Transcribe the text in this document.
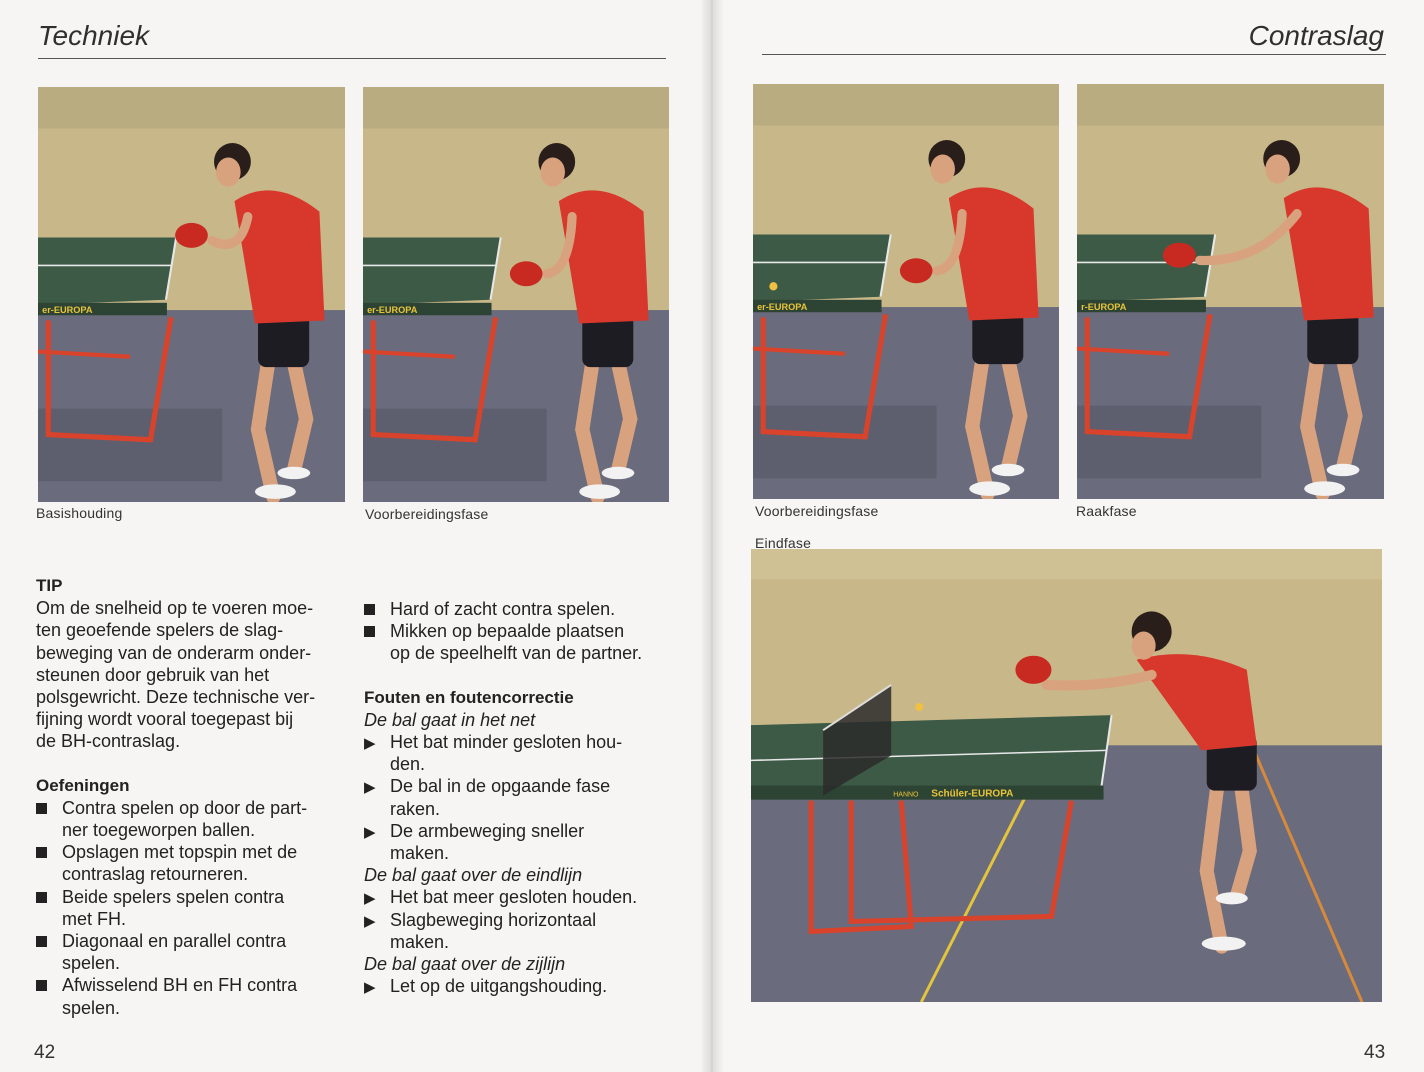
Techniek	Contraslag
er-EUROPA	er-EUROPA	er-EUROPA	r-EUROPA
HANNO Schüler-EUROPA
Basishouding	Voorbereidingsfase	Voorbereidingsfase	Raakfase
Eindfase
TIP
Om de snelheid op te voeren moe-
ten geoefende spelers de slag-
beweging van de onderarm onder-
steunen door gebruik van het
polsgewricht. Deze technische ver-
fijning wordt vooral toegepast bij
de BH-contraslag.
Oefeningen
Contra spelen op door de part-
ner toegeworpen ballen.
Opslagen met topspin met de
contraslag retourneren.
Beide spelers spelen contra
met FH.
Diagonaal en parallel contra
spelen.
Afwisselend BH en FH contra
spelen.
Hard of zacht contra spelen.
Mikken op bepaalde plaatsen
op de speelhelft van de partner.
Fouten en foutencorrectie
De bal gaat in het net
▶ Het bat minder gesloten hou-
den.
▶ De bal in de opgaande fase
raken.
▶ De armbeweging sneller
maken.
De bal gaat over de eindlijn
▶ Het bat meer gesloten houden.
▶ Slagbeweging horizontaal
maken.
De bal gaat over de zijlijn
▶ Let op de uitgangshouding.
42	43
